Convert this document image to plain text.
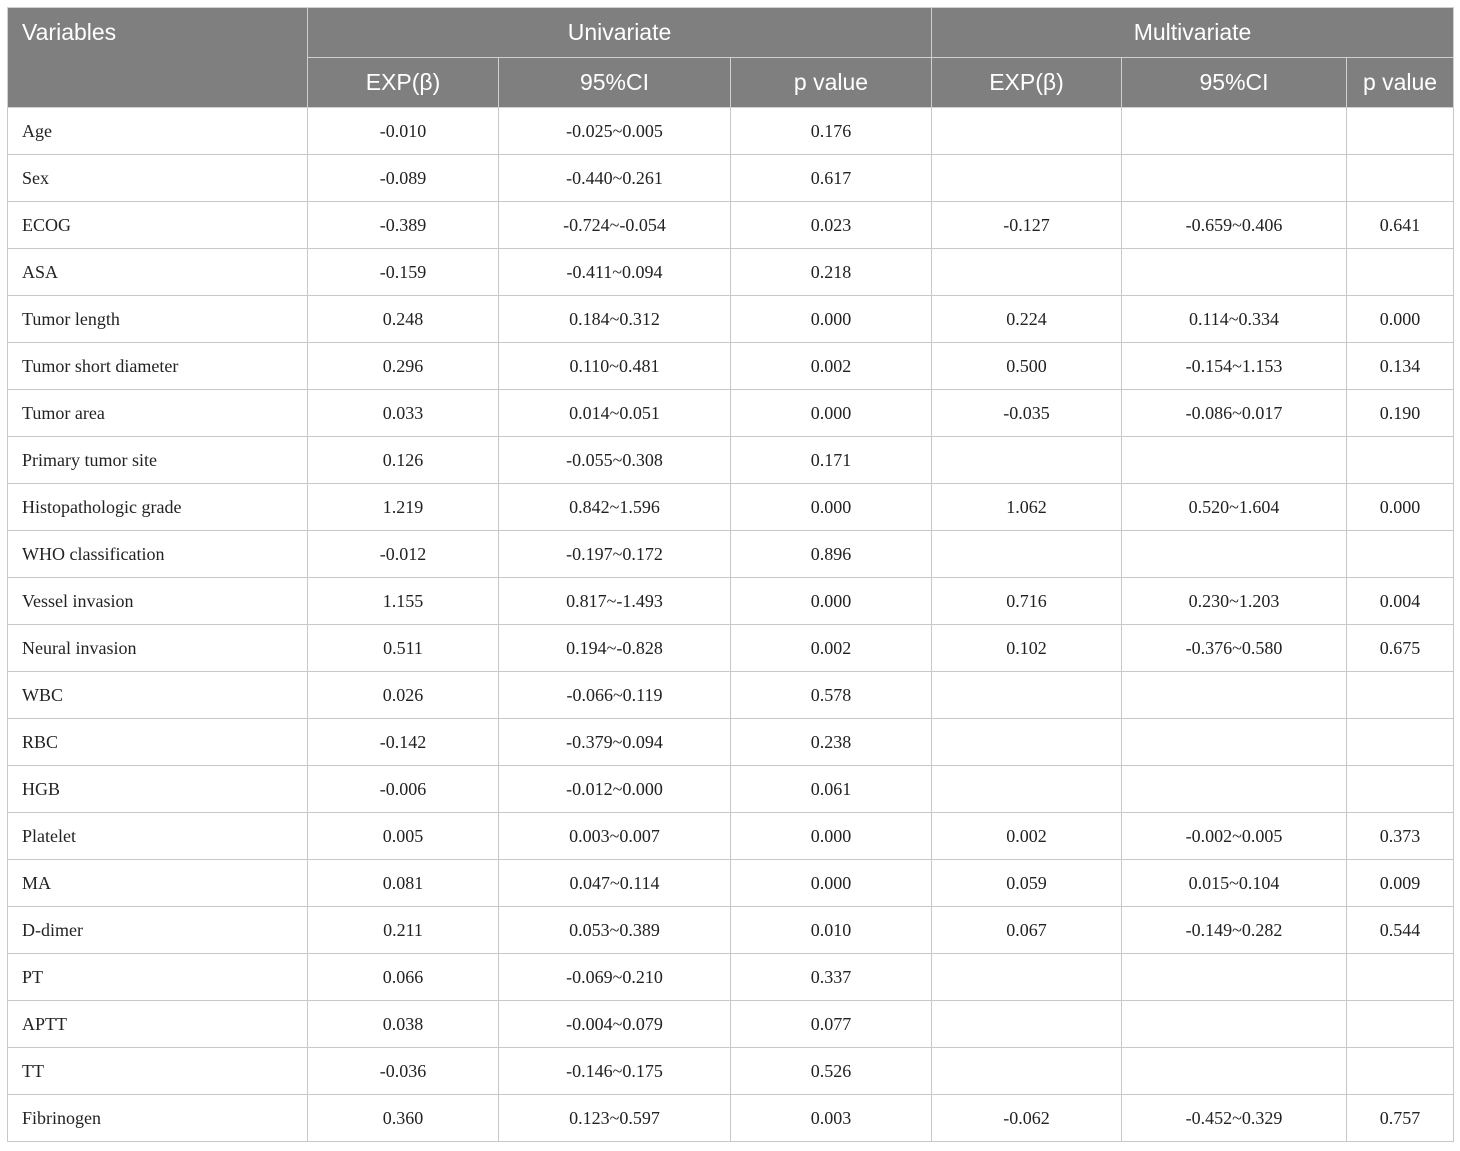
Variables	Univariate			Multivariate		
	EXP(β)	95%CI	p value	EXP(β)	95%CI	p value
Age	-0.010	-0.025~0.005	0.176			
Sex	-0.089	-0.440~0.261	0.617			
ECOG	-0.389	-0.724~-0.054	0.023	-0.127	-0.659~0.406	0.641
ASA	-0.159	-0.411~0.094	0.218			
Tumor length	0.248	0.184~0.312	0.000	0.224	0.114~0.334	0.000
Tumor short diameter	0.296	0.110~0.481	0.002	0.500	-0.154~1.153	0.134
Tumor area	0.033	0.014~0.051	0.000	-0.035	-0.086~0.017	0.190
Primary tumor site	0.126	-0.055~0.308	0.171			
Histopathologic grade	1.219	0.842~1.596	0.000	1.062	0.520~1.604	0.000
WHO classification	-0.012	-0.197~0.172	0.896			
Vessel invasion	1.155	0.817~-1.493	0.000	0.716	0.230~1.203	0.004
Neural invasion	0.511	0.194~-0.828	0.002	0.102	-0.376~0.580	0.675
WBC	0.026	-0.066~0.119	0.578			
RBC	-0.142	-0.379~0.094	0.238			
HGB	-0.006	-0.012~0.000	0.061			
Platelet	0.005	0.003~0.007	0.000	0.002	-0.002~0.005	0.373
MA	0.081	0.047~0.114	0.000	0.059	0.015~0.104	0.009
D-dimer	0.211	0.053~0.389	0.010	0.067	-0.149~0.282	0.544
PT	0.066	-0.069~0.210	0.337			
APTT	0.038	-0.004~0.079	0.077			
TT	-0.036	-0.146~0.175	0.526			
Fibrinogen	0.360	0.123~0.597	0.003	-0.062	-0.452~0.329	0.757
